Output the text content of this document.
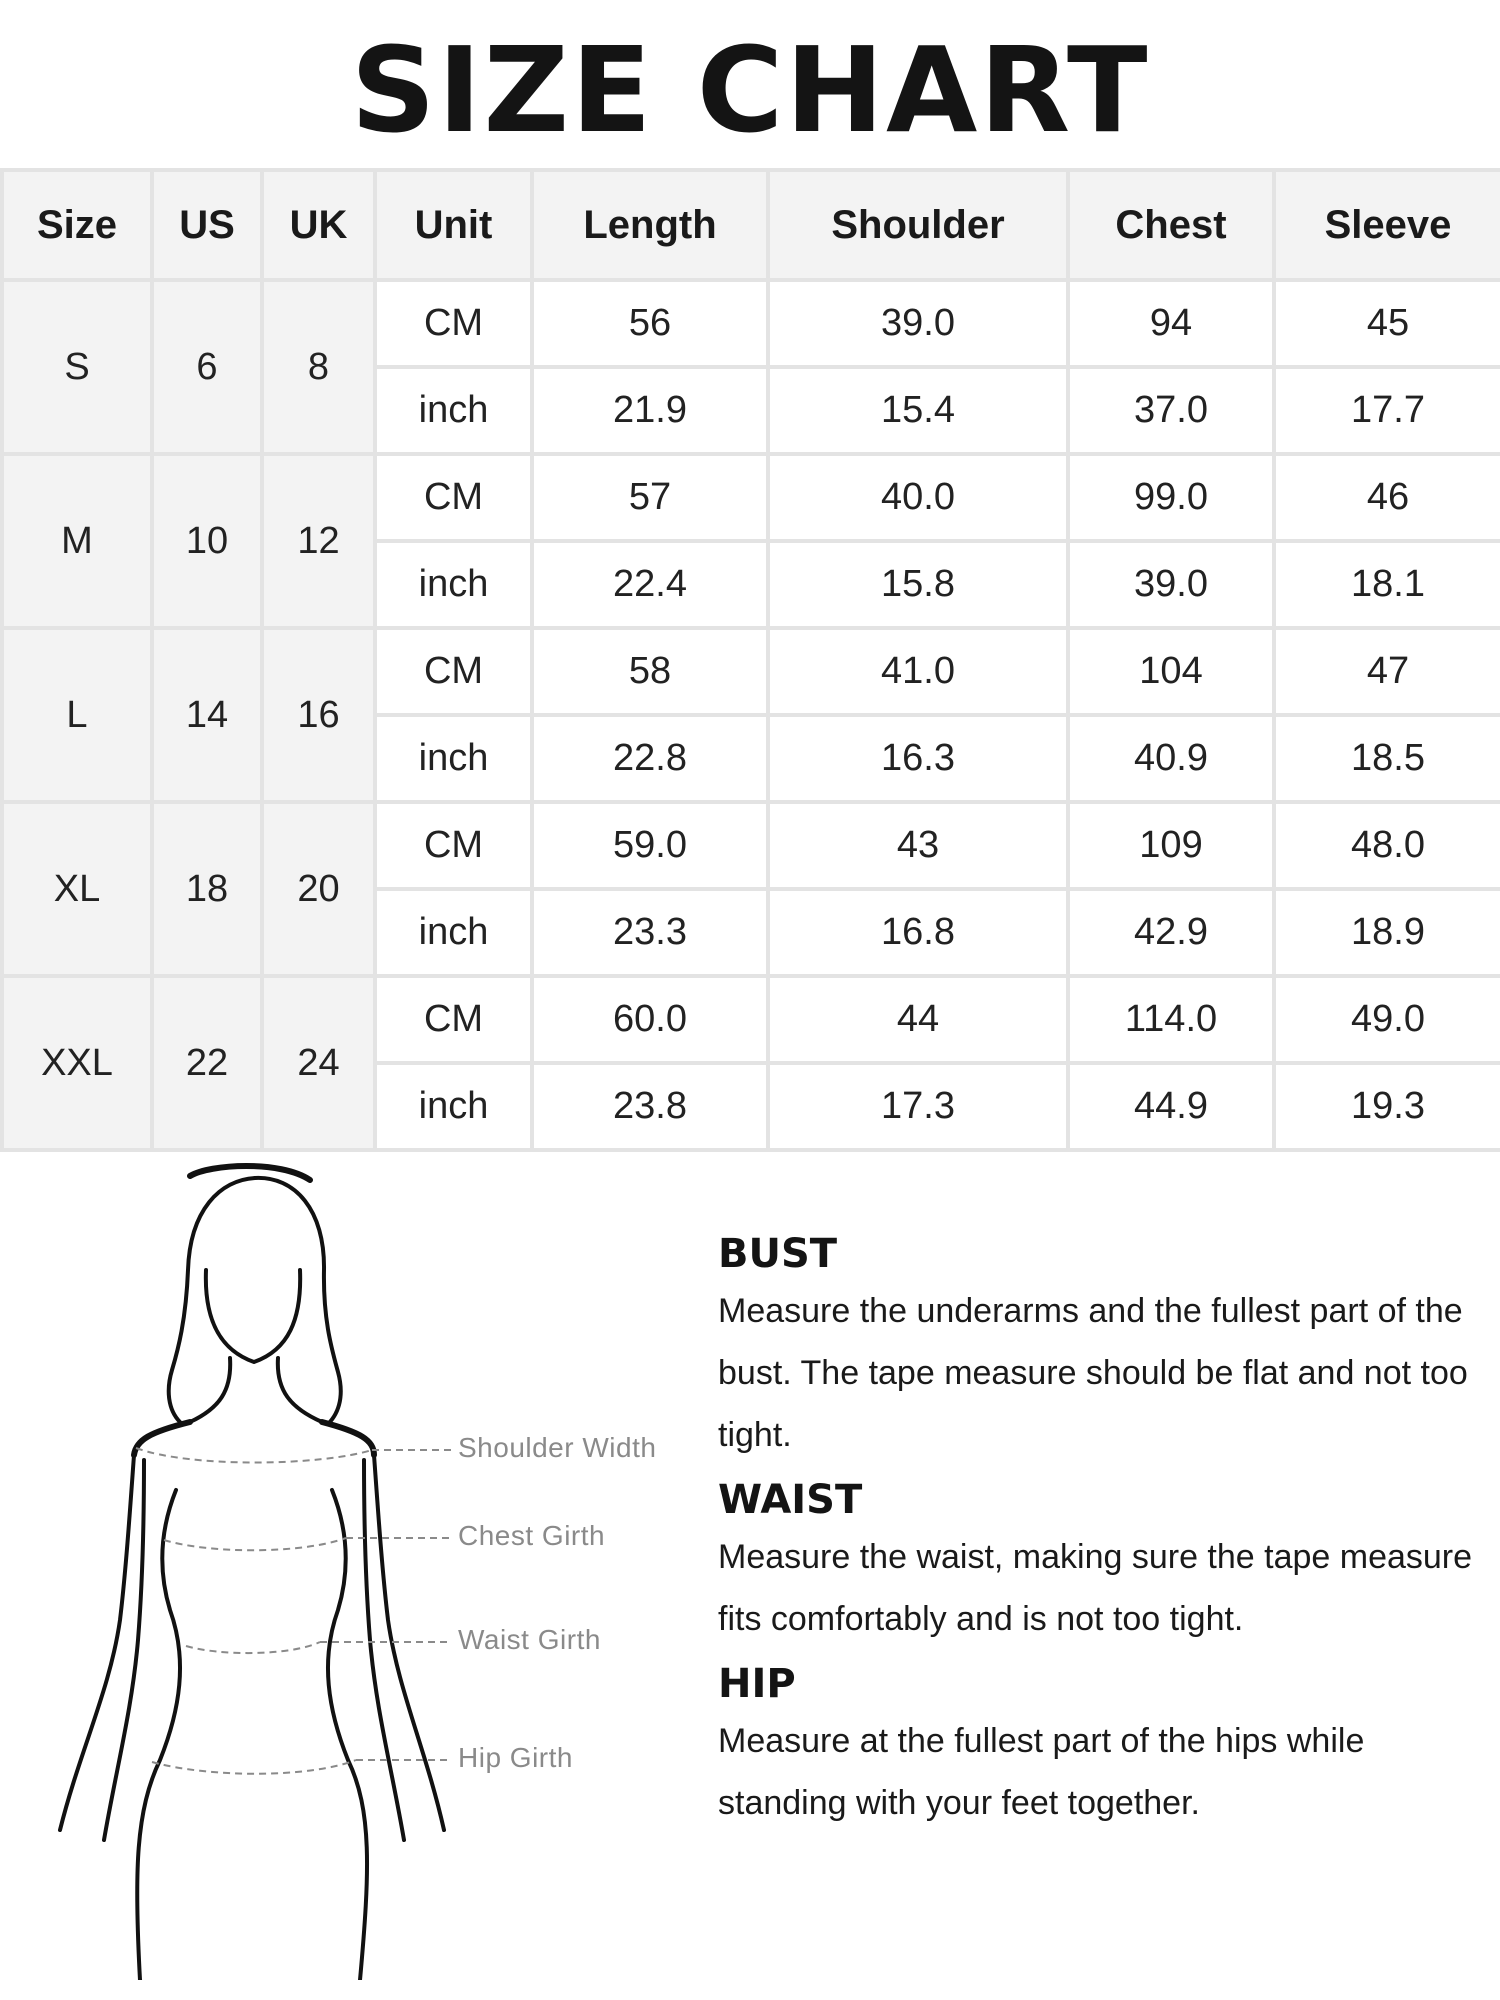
SIZE CHART
Size	US	UK	Unit	Length	Shoulder	Chest	Sleeve
S	6	8	CM	56	39.0	94	45
			inch	21.9	15.4	37.0	17.7
M	10	12	CM	57	40.0	99.0	46
			inch	22.4	15.8	39.0	18.1
L	14	16	CM	58	41.0	104	47
			inch	22.8	16.3	40.9	18.5
XL	18	20	CM	59.0	43	109	48.0
			inch	23.3	16.8	42.9	18.9
XXL	22	24	CM	60.0	44	114.0	49.0
			inch	23.8	17.3	44.9	19.3
Shoulder Width
Chest Girth
Waist Girth
Hip Girth
BUST

Measure the underarms and the fullest part of the bust. The tape measure should be flat and not too tight.

WAIST

Measure the waist, making sure the tape measure fits comfortably and is not too tight.

HIP

Measure at the fullest part of the hips while standing with your feet together.
